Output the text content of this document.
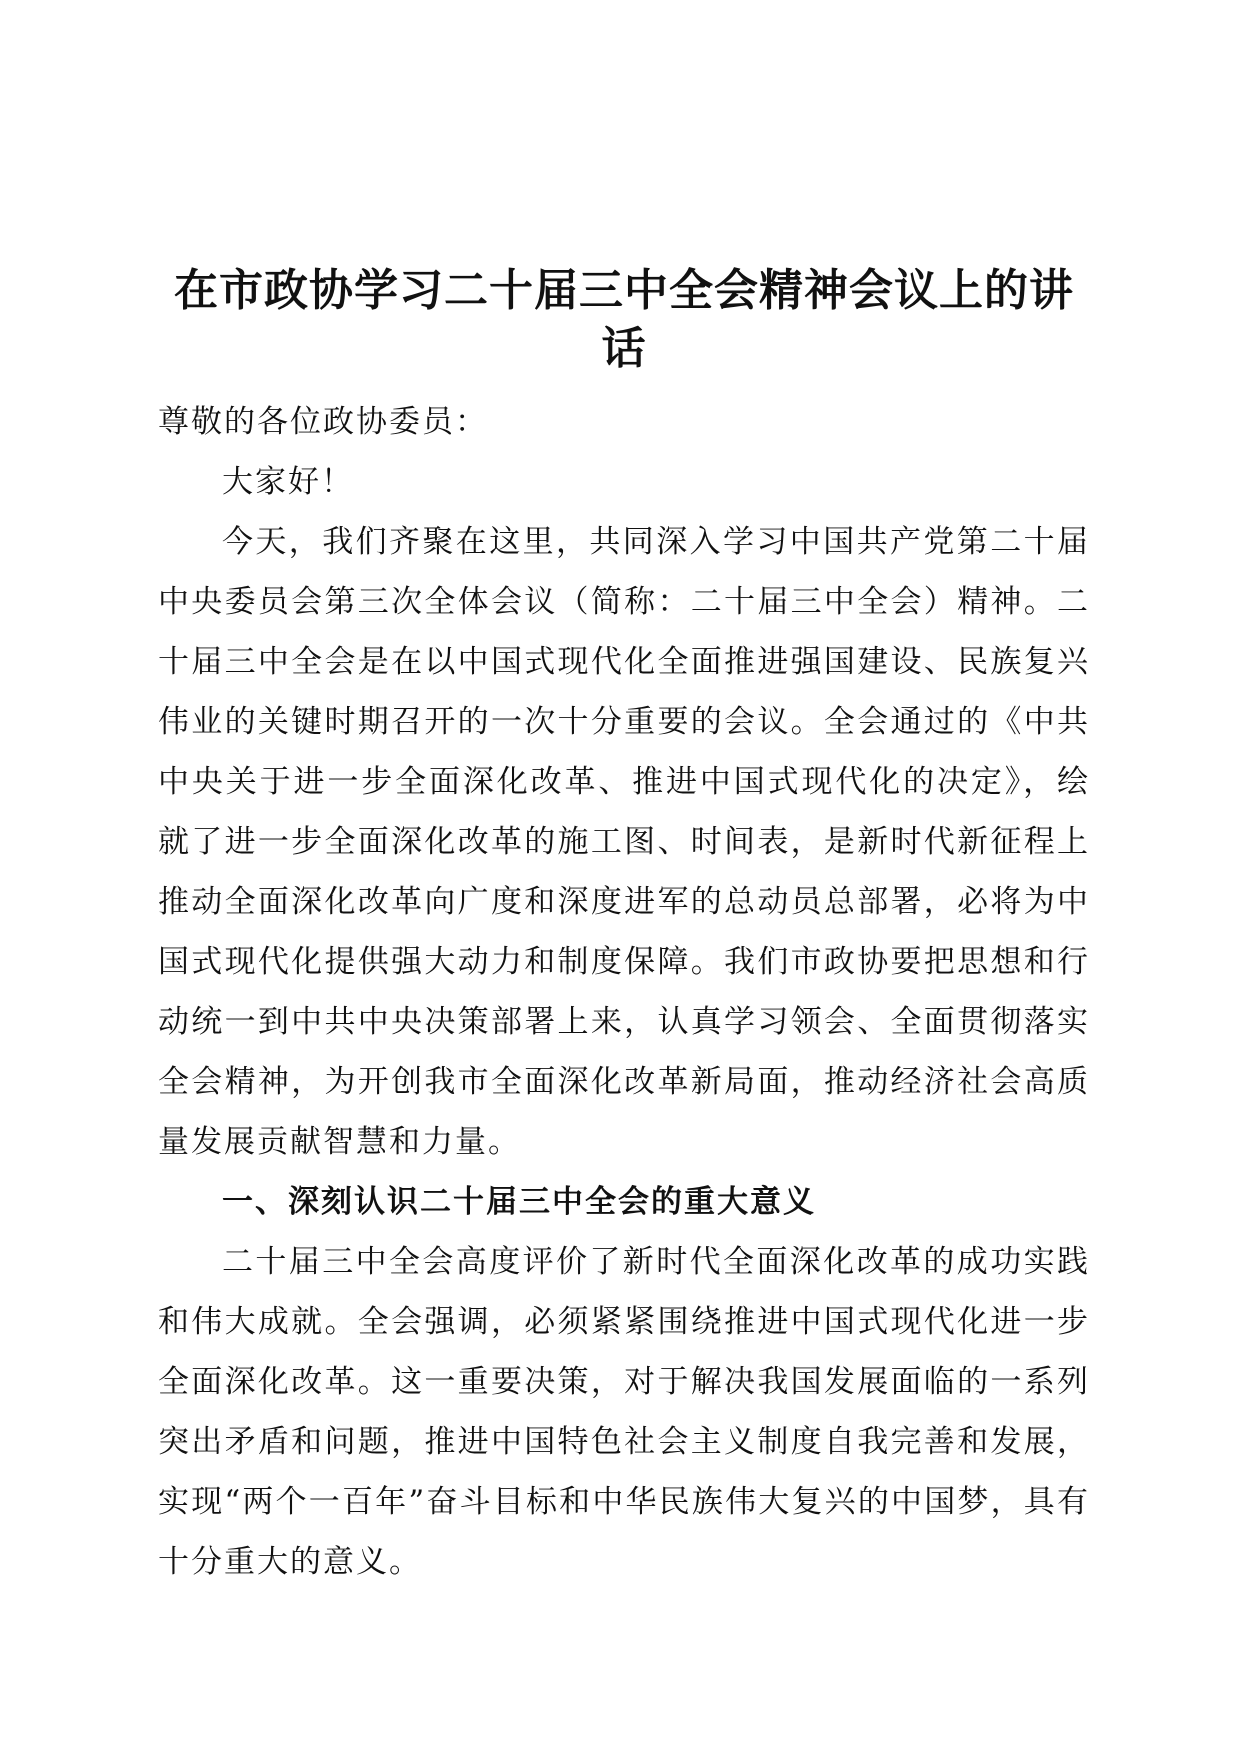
在市政协学习二十届三中全会精神会议上的讲话

尊敬的各位政协委员：

大家好！

今天，我们齐聚在这里，共同深入学习中国共产党第二十届中央委员会第三次全体会议（简称：二十届三中全会）精神。二十届三中全会是在以中国式现代化全面推进强国建设、民族复兴伟业的关键时期召开的一次十分重要的会议。全会通过的《中共中央关于进一步全面深化改革、推进中国式现代化的决定》，绘就了进一步全面深化改革的施工图、时间表，是新时代新征程上推动全面深化改革向广度和深度进军的总动员总部署，必将为中国式现代化提供强大动力和制度保障。我们市政协要把思想和行动统一到中共中央决策部署上来，认真学习领会、全面贯彻落实全会精神，为开创我市全面深化改革新局面，推动经济社会高质量发展贡献智慧和力量。

一、深刻认识二十届三中全会的重大意义

二十届三中全会高度评价了新时代全面深化改革的成功实践和伟大成就。全会强调，必须紧紧围绕推进中国式现代化进一步全面深化改革。这一重要决策，对于解决我国发展面临的一系列突出矛盾和问题，推进中国特色社会主义制度自我完善和发展，实现“两个一百年”奋斗目标和中华民族伟大复兴的中国梦，具有十分重大的意义。
